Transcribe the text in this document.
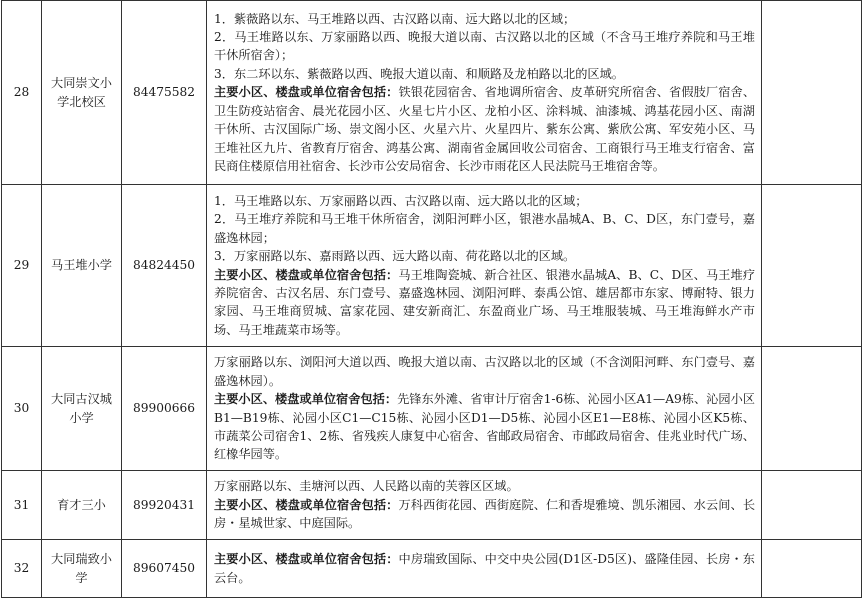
28	大同崇文小学北校区	84475582	1．紫薇路以东、马王堆路以西、古汉路以南、远大路以北的区域；
2．马王堆路以东、万家丽路以西、晚报大道以南、古汉路以北的区域（不含马王堆疗养院和马王堆干休所宿舍）；
3．东二环以东、紫薇路以西、晚报大道以南、和顺路及龙柏路以北的区域。
主要小区、楼盘或单位宿舍包括：铁银花园宿舍、省地调所宿舍、皮革研究所宿舍、省假肢厂宿舍、卫生防疫站宿舍、晨光花园小区、火星七片小区、龙柏小区、涂料城、油漆城、鸿基花园小区、南湖干休所、古汉国际广场、崇文阁小区、火星六片、火星四片、紫东公寓、紫欣公寓、军安苑小区、马王堆社区九片、省教育厅宿舍、鸿基公寓、湖南省金属回收公司宿舍、工商银行马王堆支行宿舍、富民商住楼原信用社宿舍、长沙市公安局宿舍、长沙市雨花区人民法院马王堆宿舍等。	

29	马王堆小学	84824450	1．马王堆路以东、万家丽路以西、古汉路以南、远大路以北的区域；
2．马王堆疗养院和马王堆干休所宿舍，浏阳河畔小区，银港水晶城A、B、C、D区，东门壹号，嘉盛逸林园；
3．万家丽路以东、嘉雨路以西、远大路以南、荷花路以北的区域。
主要小区、楼盘或单位宿舍包括：马王堆陶瓷城、新合社区、银港水晶城A、B、C、D区、马王堆疗养院宿舍、古汉名居、东门壹号、嘉盛逸林园、浏阳河畔、泰禹公馆、雄居都市东家、博耐特、银力家园、马王堆商贸城、富家花园、建安新商汇、东盈商业广场、马王堆服装城、马王堆海鲜水产市场、马王堆蔬菜市场等。	

30	大同古汉城小学	89900666	万家丽路以东、浏阳河大道以西、晚报大道以南、古汉路以北的区域（不含浏阳河畔、东门壹号、嘉盛逸林园）。
主要小区、楼盘或单位宿舍包括：先锋东外滩、省审计厅宿舍1-6栋、沁园小区A1—A9栋、沁园小区B1—B19栋、沁园小区C1—C15栋、沁园小区D1—D5栋、沁园小区E1—E8栋、沁园小区K5栋、市蔬菜公司宿舍1、2栋、省残疾人康复中心宿舍、省邮政局宿舍、市邮政局宿舍、佳兆业时代广场、红橡华园等。	

31	育才三小	89920431	万家丽路以东、圭塘河以西、人民路以南的芙蓉区区域。
主要小区、楼盘或单位宿舍包括：万科西街花园、西街庭院、仁和香堤雅境、凯乐湘园、水云间、长房・星城世家、中庭国际。	

32	大同瑞致小学	89607450	主要小区、楼盘或单位宿舍包括：中房瑞致国际、中交中央公园(D1区-D5区)、盛隆佳园、长房・东云台。	
